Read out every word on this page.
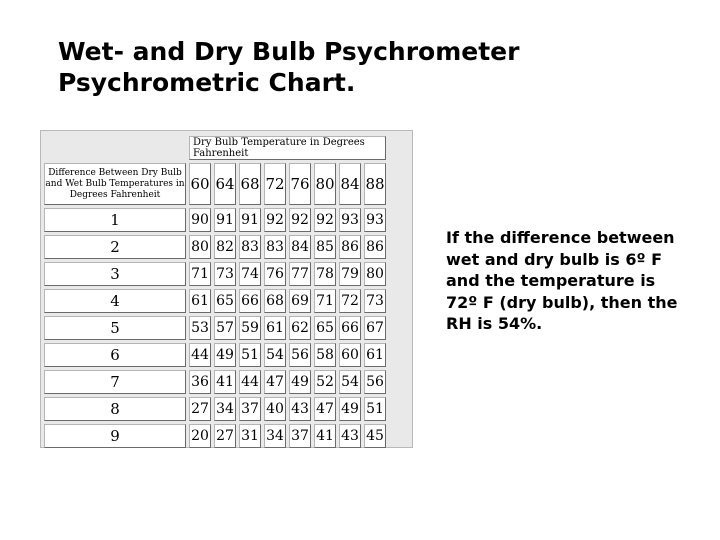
Wet- and Dry Bulb Psychrometer
Psychrometric Chart.
	Dry Bulb Temperature in Degrees Fahrenheit							
Difference Between Dry Bulb and Wet Bulb Temperatures in Degrees Fahrenheit	60	64	68	72	76	80	84	88
1	90	91	91	92	92	92	93	93
2	80	82	83	83	84	85	86	86
3	71	73	74	76	77	78	79	80
4	61	65	66	68	69	71	72	73
5	53	57	59	61	62	65	66	67
6	44	49	51	54	56	58	60	61
7	36	41	44	47	49	52	54	56
8	27	34	37	40	43	47	49	51
9	20	27	31	34	37	41	43	45
If the difference between wet and dry bulb is 6º F and the temperature is 72º F (dry bulb), then the RH is 54%.
